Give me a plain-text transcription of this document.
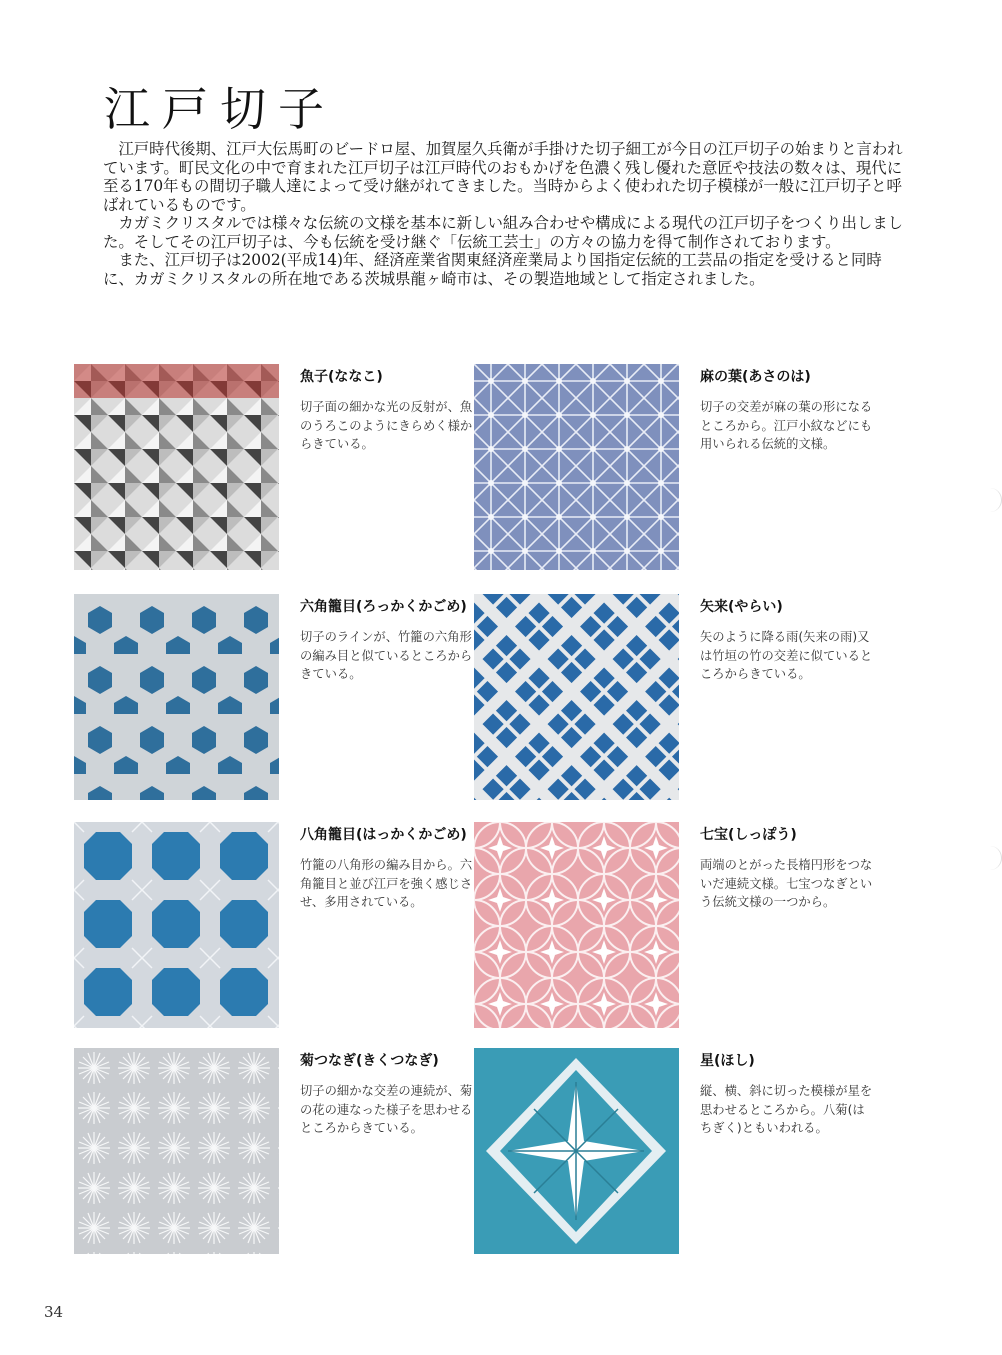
江戸切子

江戸時代後期、江戸大伝馬町のビードロ屋、加賀屋久兵衛が手掛けた切子細工が今日の江戸切子の始まりと言われています。町民文化の中で育まれた江戸切子は江戸時代のおもかげを色濃く残し優れた意匠や技法の数々は、現代に至る170年もの間切子職人達によって受け継がれてきました。当時からよく使われた切子模様が一般に江戸切子と呼ばれているものです。

カガミクリスタルでは様々な伝統の文様を基本に新しい組み合わせや構成による現代の江戸切子をつくり出しました。そしてその江戸切子は、今も伝統を受け継ぐ「伝統工芸士」の方々の協力を得て制作されております。

また、江戸切子は2002(平成14)年、経済産業省関東経済産業局より国指定伝統的工芸品の指定を受けると同時に、カガミクリスタルの所在地である茨城県龍ヶ崎市は、その製造地域として指定されました。

魚子(ななこ)

切子面の細かな光の反射が、魚のうろこのようにきらめく様からきている。

麻の葉(あさのは)

切子の交差が麻の葉の形になるところから。江戸小紋などにも用いられる伝統的文様。

六角籠目(ろっかくかごめ)

切子のラインが、竹籠の六角形の編み目と似ているところからきている。

矢来(やらい)

矢のように降る雨(矢来の雨)又は竹垣の竹の交差に似ているところからきている。

八角籠目(はっかくかごめ)

竹籠の八角形の編み目から。六角籠目と並び江戸を強く感じさせ、多用されている。

七宝(しっぽう)

両端のとがった長楕円形をつないだ連続文様。七宝つなぎという伝統文様の一つから。

菊つなぎ(きくつなぎ)

切子の細かな交差の連続が、菊の花の連なった様子を思わせるところからきている。

星(ほし)

縦、横、斜に切った模様が星を思わせるところから。八菊(はちぎく)ともいわれる。

34
